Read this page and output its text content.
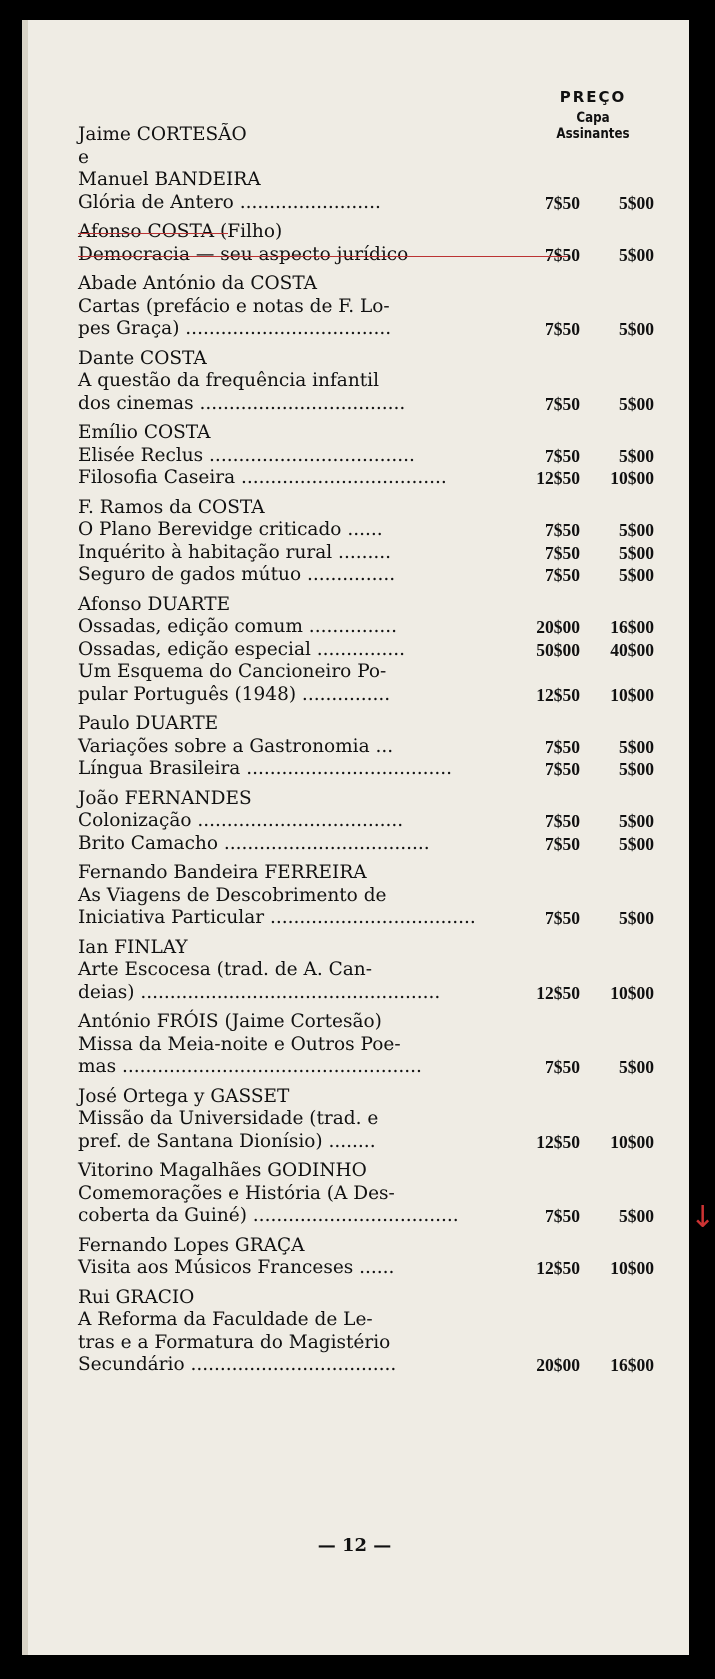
PREÇO
Capa Assinantes
Jaime CORTESÃO
e
Manuel BANDEIRA
Glória de Antero ........................	7$50	5$00
Afonso COSTA (Filho)
Democracia — seu aspecto jurídico	7$50	5$00
Abade António da COSTA
Cartas (prefácio e notas de F. Lo-
pes Graça) ...................................	7$50	5$00
Dante COSTA
A questão da frequência infantil
dos cinemas ...................................	7$50	5$00
Emílio COSTA
Elisée Reclus ...................................	7$50	5$00
Filosofia Caseira ...................................	12$50	10$00
F. Ramos da COSTA
O Plano Berevidge criticado ......	7$50	5$00
Inquérito à habitação rural .........	7$50	5$00
Seguro de gados mútuo ...............	7$50	5$00
Afonso DUARTE
Ossadas, edição comum ...............	20$00	16$00
Ossadas, edição especial ...............	50$00	40$00
Um Esquema do Cancioneiro Po-
pular Português (1948) ...............	12$50	10$00
Paulo DUARTE
Variações sobre a Gastronomia ...	7$50	5$00
Língua Brasileira ...................................	7$50	5$00
João FERNANDES
Colonização ...................................	7$50	5$00
Brito Camacho ...................................	7$50	5$00
Fernando Bandeira FERREIRA
As Viagens de Descobrimento de
Iniciativa Particular ...................................	7$50	5$00
Ian FINLAY
Arte Escocesa (trad. de A. Can-
deias) ...................................................	12$50	10$00
António FRÓIS (Jaime Cortesão)
Missa da Meia-noite e Outros Poe-
mas ...................................................	7$50	5$00
José Ortega y GASSET
Missão da Universidade (trad. e
pref. de Santana Dionísio) ........	12$50	10$00
Vitorino Magalhães GODINHO
Comemorações e História (A Des-
coberta da Guiné) ...................................	7$50	5$00
Fernando Lopes GRAÇA
Visita aos Músicos Franceses ......	12$50	10$00
Rui GRACIO
A Reforma da Faculdade de Le-
tras e a Formatura do Magistério
Secundário ...................................	20$00	16$00
— 12 —
↓
